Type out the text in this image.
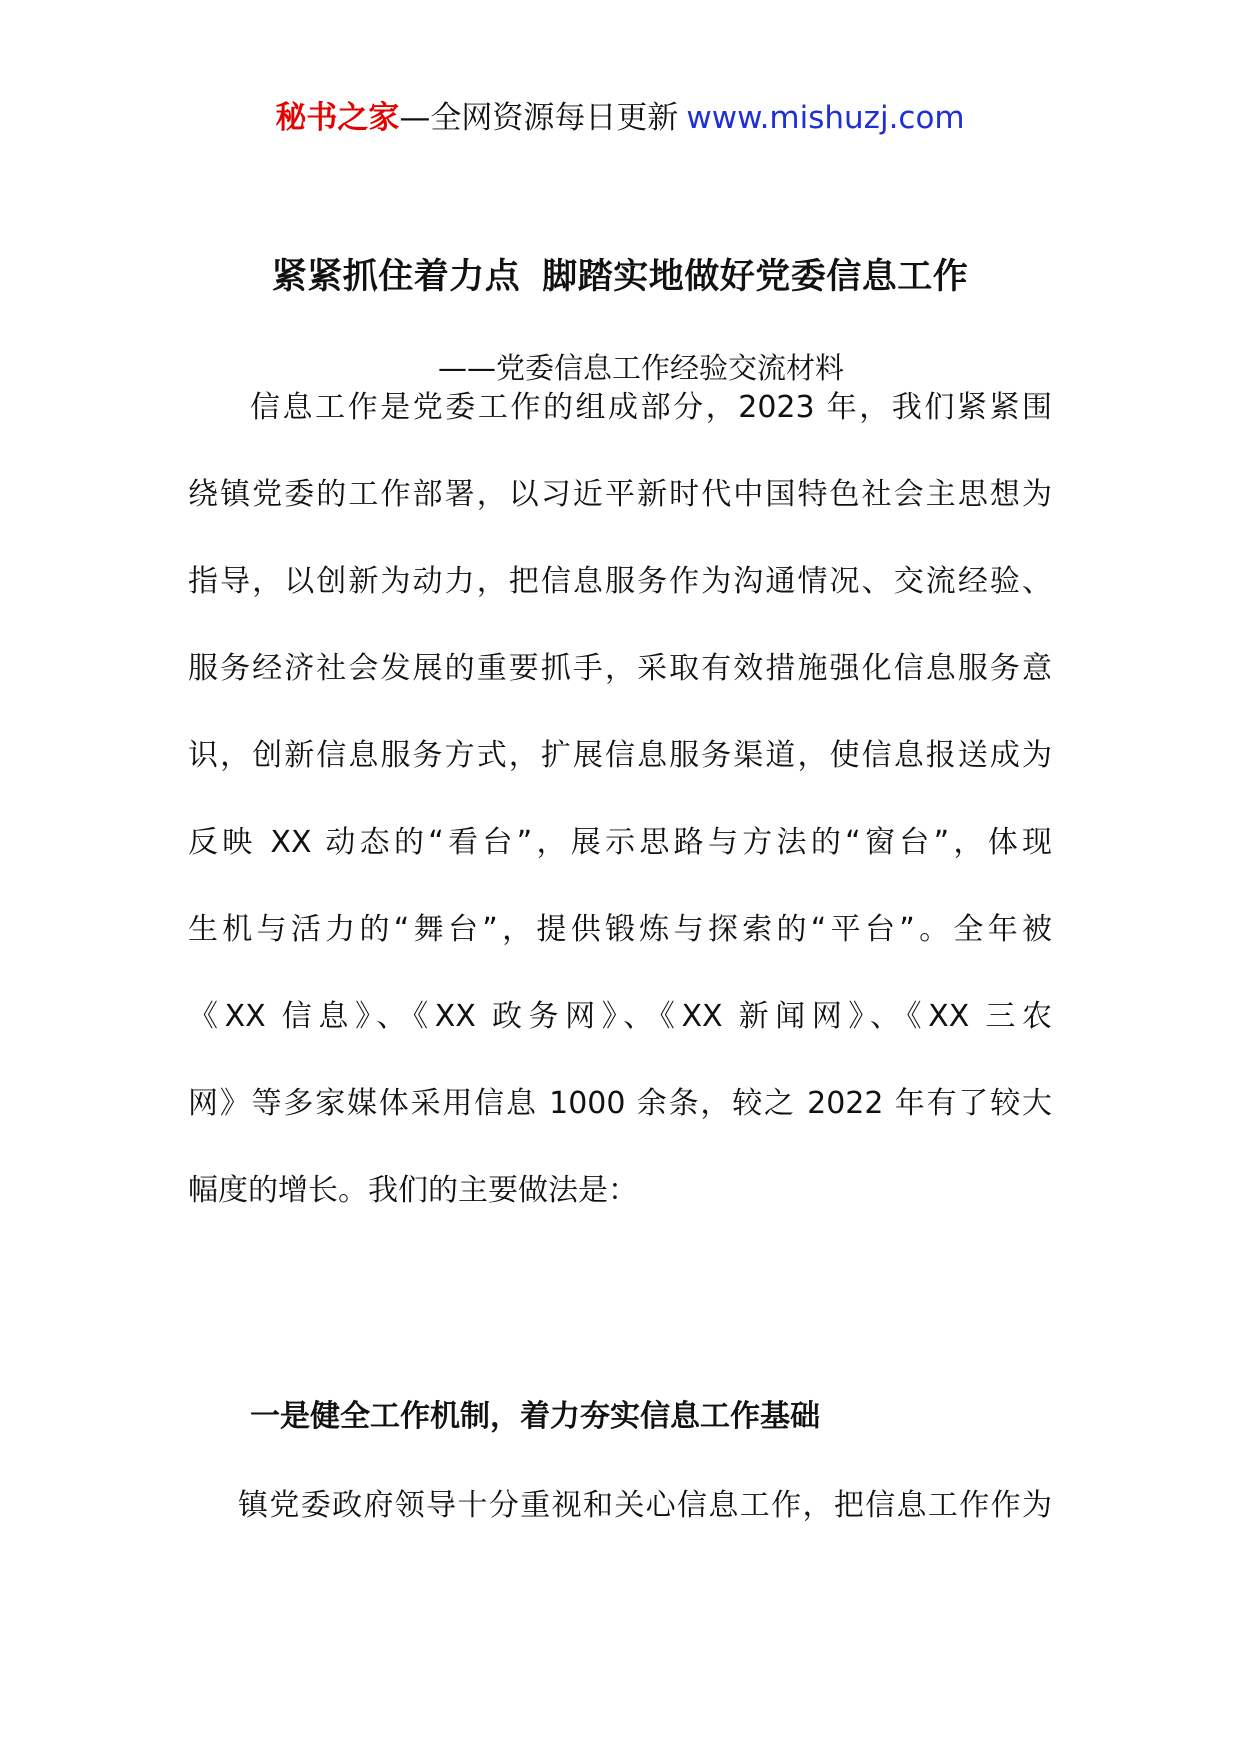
秘书之家—全网资源每日更新 www.mishuzj.com
紧紧抓住着力点 脚踏实地做好党委信息工作
——党委信息工作经验交流材料
信息工作是党委工作的组成部分，2023 年，我们紧紧围
绕镇党委的工作部署，以习近平新时代中国特色社会主思想为
指导，以创新为动力，把信息服务作为沟通情况、交流经验、
服务经济社会发展的重要抓手，采取有效措施强化信息服务意
识，创新信息服务方式，扩展信息服务渠道，使信息报送成为
反映 XX 动态的“看台”，展示思路与方法的“窗台”，体现
生机与活力的“舞台”，提供锻炼与探索的“平台”。全年被
《XX 信息》、《XX 政务网》、《XX 新闻网》、《XX 三农
网》等多家媒体采用信息 1000 余条，较之 2022 年有了较大
幅度的增长。我们的主要做法是：
一是健全工作机制，着力夯实信息工作基础
镇党委政府领导十分重视和关心信息工作，把信息工作作为
